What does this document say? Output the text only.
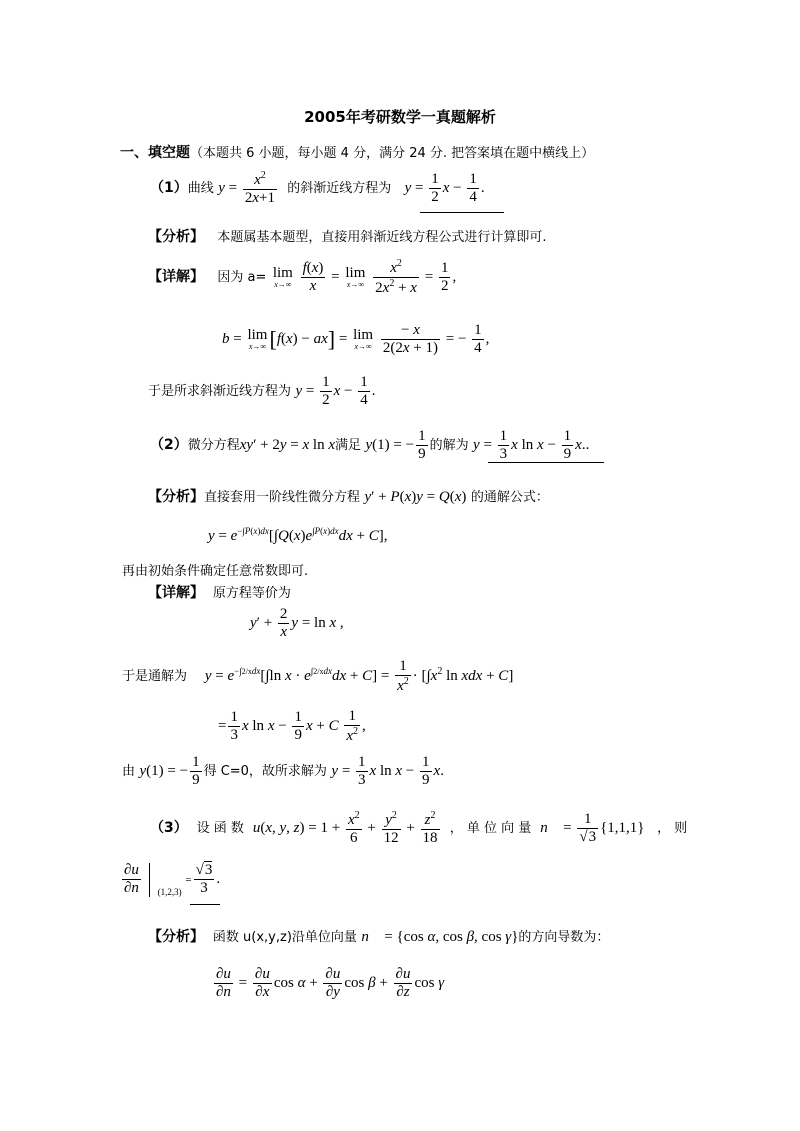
2005年考研数学一真题解析
一、填空题（本题共 6 小题，每小题 4 分，满分 24 分. 把答案填在题中横线上）
（1）曲线 $y = \frac{x^2}{2x+1}$ 的斜渐近线方程为 $y = \frac{1}{2}$ $x - \frac{1}{4}$ .
【分析】 本题属基本题型，直接用斜渐近线方程公式进行计算即可.
【详解】 因为 a= lim
x→∞
$\frac{f(x)}{x} = \lim$
x→∞
$\frac{x^2}{2x^2 + x} = \frac{1}{2}$ ,
b = lim
x→∞ [f(x) − ax] = lim
x→∞
$\frac{- x}{2(2x + 1)}$ = − $\frac{1}{4}$ ,
于是所求斜渐近线方程为 $y = \frac{1}{2}$ $x - \frac{1}{4}$ .
（2）微分方程xy′ + 2y = x ln x满足 y(1) = − $\frac{1}{9}$ 的解为 $y = \frac{1}{3}$ x $\ln x - \frac{1}{9} x$..
【分析】直接套用一阶线性微分方程 y′ + P(x)y = Q(x) 的通解公式：
$y = e^{-\int P(x)dx}[\int Q(x)e^{\int P(x)dx}dx + C]$,
再由初始条件确定任意常数即可.
【详解】 原方程等价为
$y' + \frac{2}{x}$ y = ln x ,
于是通解为 $y = e^{-\int 2/xdx}[\int\ln$ $x \cdot e^{\int 2/xdx}dx + C] = \frac{1}{x^2} \cdot [\int x^2$ ln xdx + C]
= $\frac{1}{3}$ x $\ln x - \frac{1}{9}$ x + C $\frac{1}{x^2}$ ,
由 y(1) = − $\frac{1}{9}$ 得 C=0，故所求解为 $y = \frac{1}{3}$ x $\ln x - \frac{1}{9} x$.
（3） 设 函 数 u(x, y, $z) = 1 + \frac{x^2}{6} + \frac{y^2}{12} + \frac{z^2}{18}$ ， 单 位 向 量 n⃗ = $\frac{1}{√3} \{1,1,1\}$   ， 则
$\frac{\partial u}{\partial n} _{(1,2,3)} = \frac{√3}{3}$ .
【分析】 函数 u(x,y,z)沿单位向量 n⃗ = {cos α, cos β, cos γ}的方向导数为：
$\frac{\partial u}{\partial n} = \frac{\partial u}{\partial x}$ $\cos \alpha + \frac{\partial u}{\partial y}$ $\cos \beta + \frac{\partial u}{\partial z}$ cos γ
